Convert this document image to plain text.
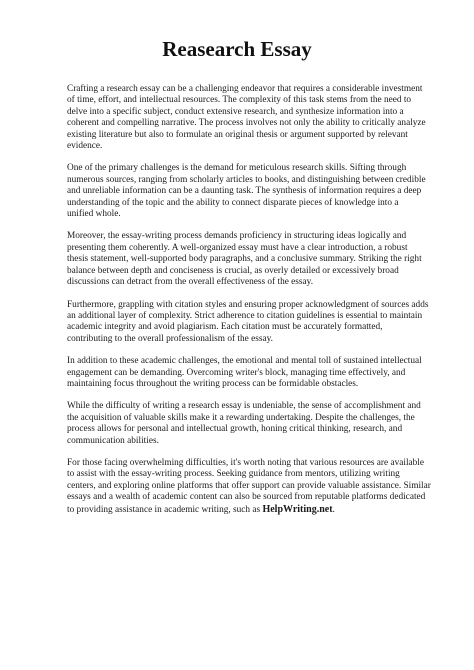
Reasearch Essay

Crafting a research essay can be a challenging endeavor that requires a considerable investment
of time, effort, and intellectual resources. The complexity of this task stems from the need to
delve into a specific subject, conduct extensive research, and synthesize information into a
coherent and compelling narrative. The process involves not only the ability to critically analyze
existing literature but also to formulate an original thesis or argument supported by relevant
evidence.

One of the primary challenges is the demand for meticulous research skills. Sifting through
numerous sources, ranging from scholarly articles to books, and distinguishing between credible
and unreliable information can be a daunting task. The synthesis of information requires a deep
understanding of the topic and the ability to connect disparate pieces of knowledge into a
unified whole.

Moreover, the essay-writing process demands proficiency in structuring ideas logically and
presenting them coherently. A well-organized essay must have a clear introduction, a robust
thesis statement, well-supported body paragraphs, and a conclusive summary. Striking the right
balance between depth and conciseness is crucial, as overly detailed or excessively broad
discussions can detract from the overall effectiveness of the essay.

Furthermore, grappling with citation styles and ensuring proper acknowledgment of sources adds
an additional layer of complexity. Strict adherence to citation guidelines is essential to maintain
academic integrity and avoid plagiarism. Each citation must be accurately formatted,
contributing to the overall professionalism of the essay.

In addition to these academic challenges, the emotional and mental toll of sustained intellectual
engagement can be demanding. Overcoming writer's block, managing time effectively, and
maintaining focus throughout the writing process can be formidable obstacles.

While the difficulty of writing a research essay is undeniable, the sense of accomplishment and
the acquisition of valuable skills make it a rewarding undertaking. Despite the challenges, the
process allows for personal and intellectual growth, honing critical thinking, research, and
communication abilities.

For those facing overwhelming difficulties, it's worth noting that various resources are available
to assist with the essay-writing process. Seeking guidance from mentors, utilizing writing
centers, and exploring online platforms that offer support can provide valuable assistance. Similar
essays and a wealth of academic content can also be sourced from reputable platforms dedicated
to providing assistance in academic writing, such as HelpWriting.net.
